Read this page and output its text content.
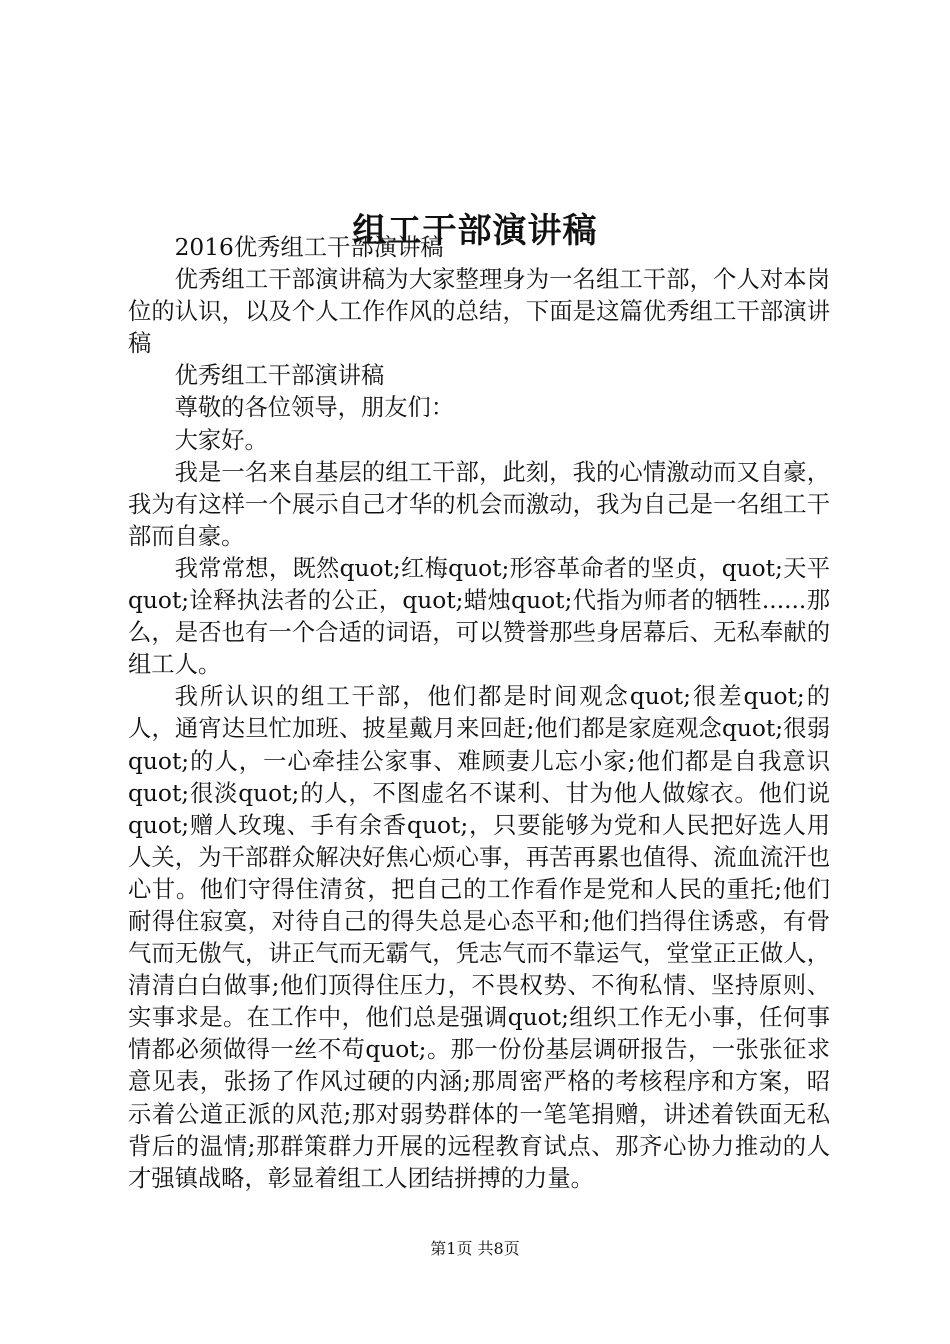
组工干部演讲稿

2016优秀组工干部演讲稿

优秀组工干部演讲稿为大家整理身为一名组工干部，个人对本岗位的认识，以及个人工作作风的总结，下面是这篇优秀组工干部演讲稿

优秀组工干部演讲稿

尊敬的各位领导，朋友们：

大家好。

我是一名来自基层的组工干部，此刻，我的心情激动而又自豪，我为有这样一个展示自己才华的机会而激动，我为自己是一名组工干部而自豪。

我常常想，既然quot;红梅quot;形容革命者的坚贞，quot;天平quot;诠释执法者的公正，quot;蜡烛quot;代指为师者的牺牲......那么，是否也有一个合适的词语，可以赞誉那些身居幕后、无私奉献的组工人。

我所认识的组工干部，他们都是时间观念quot;很差quot;的人，通宵达旦忙加班、披星戴月来回赶;他们都是家庭观念quot;很弱quot;的人，一心牵挂公家事、难顾妻儿忘小家;他们都是自我意识quot;很淡quot;的人，不图虚名不谋利、甘为他人做嫁衣。他们说quot;赠人玫瑰、手有余香quot;，只要能够为党和人民把好选人用人关，为干部群众解决好焦心烦心事，再苦再累也值得、流血流汗也心甘。他们守得住清贫，把自己的工作看作是党和人民的重托;他们耐得住寂寞，对待自己的得失总是心态平和;他们挡得住诱惑，有骨气而无傲气，讲正气而无霸气，凭志气而不靠运气，堂堂正正做人，清清白白做事;他们顶得住压力，不畏权势、不徇私情、坚持原则、实事求是。在工作中，他们总是强调quot;组织工作无小事，任何事情都必须做得一丝不苟quot;。那一份份基层调研报告，一张张征求意见表，张扬了作风过硬的内涵;那周密严格的考核程序和方案，昭示着公道正派的风范;那对弱势群体的一笔笔捐赠，讲述着铁面无私背后的温情;那群策群力开展的远程教育试点、那齐心协力推动的人才强镇战略，彰显着组工人团结拼搏的力量。

第1页 共8页
